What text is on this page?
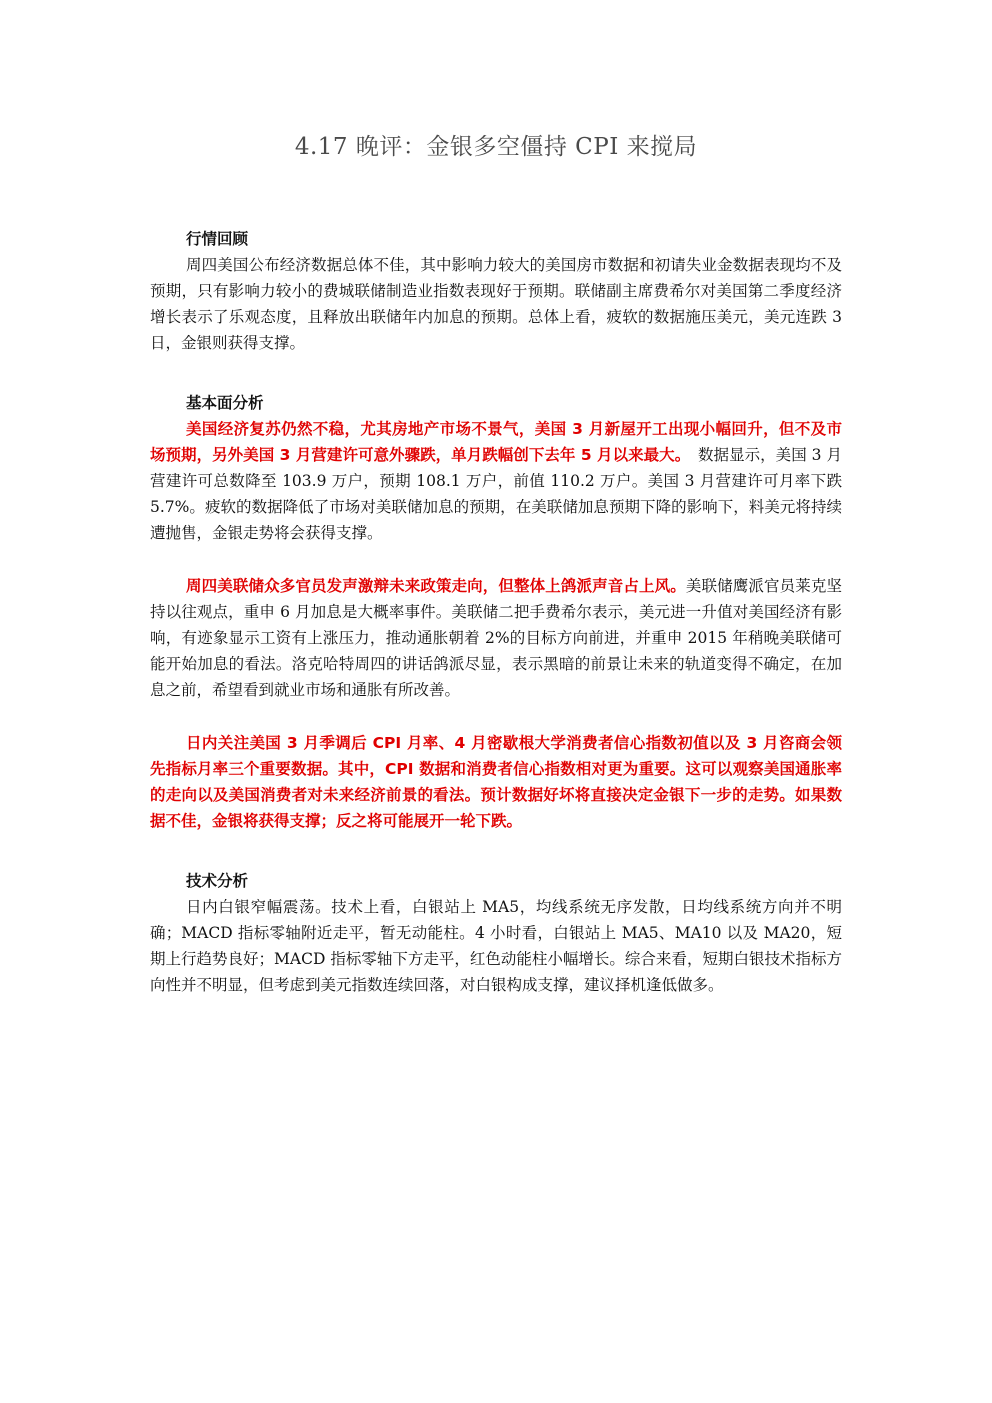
4.17 晚评：金银多空僵持 CPI 来搅局

行情回顾

周四美国公布经济数据总体不佳，其中影响力较大的美国房市数据和初请失业金数据表现均不及预期，只有影响力较小的费城联储制造业指数表现好于预期。联储副主席费希尔对美国第二季度经济增长表示了乐观态度，且释放出联储年内加息的预期。总体上看，疲软的数据施压美元，美元连跌 3 日，金银则获得支撑。

基本面分析

美国经济复苏仍然不稳，尤其房地产市场不景气，美国 3 月新屋开工出现小幅回升，但不及市场预期，另外美国 3 月营建许可意外骤跌，单月跌幅创下去年 5 月以来最大。　数据显示，美国 3 月营建许可总数降至 103.9 万户，预期 108.1 万户，前值 110.2 万户。美国 3 月营建许可月率下跌 5.7%。疲软的数据降低了市场对美联储加息的预期，在美联储加息预期下降的影响下，料美元将持续遭抛售，金银走势将会获得支撑。

周四美联储众多官员发声激辩未来政策走向，但整体上鸽派声音占上风。美联储鹰派官员莱克坚持以往观点，重申 6 月加息是大概率事件。美联储二把手费希尔表示，美元进一升值对美国经济有影响，有迹象显示工资有上涨压力，推动通胀朝着 2%的目标方向前进，并重申 2015 年稍晚美联储可能开始加息的看法。洛克哈特周四的讲话鸽派尽显，表示黑暗的前景让未来的轨道变得不确定，在加息之前，希望看到就业市场和通胀有所改善。

日内关注美国 3 月季调后 CPI 月率、4 月密歇根大学消费者信心指数初值以及 3 月咨商会领先指标月率三个重要数据。其中，CPI 数据和消费者信心指数相对更为重要。这可以观察美国通胀率的走向以及美国消费者对未来经济前景的看法。预计数据好坏将直接决定金银下一步的走势。如果数据不佳，金银将获得支撑；反之将可能展开一轮下跌。

技术分析

日内白银窄幅震荡。技术上看，白银站上 MA5，均线系统无序发散，日均线系统方向并不明确；MACD 指标零轴附近走平，暂无动能柱。4 小时看，白银站上 MA5、MA10 以及 MA20，短期上行趋势良好；MACD 指标零轴下方走平，红色动能柱小幅增长。综合来看，短期白银技术指标方向性并不明显，但考虑到美元指数连续回落，对白银构成支撑，建议择机逢低做多。
